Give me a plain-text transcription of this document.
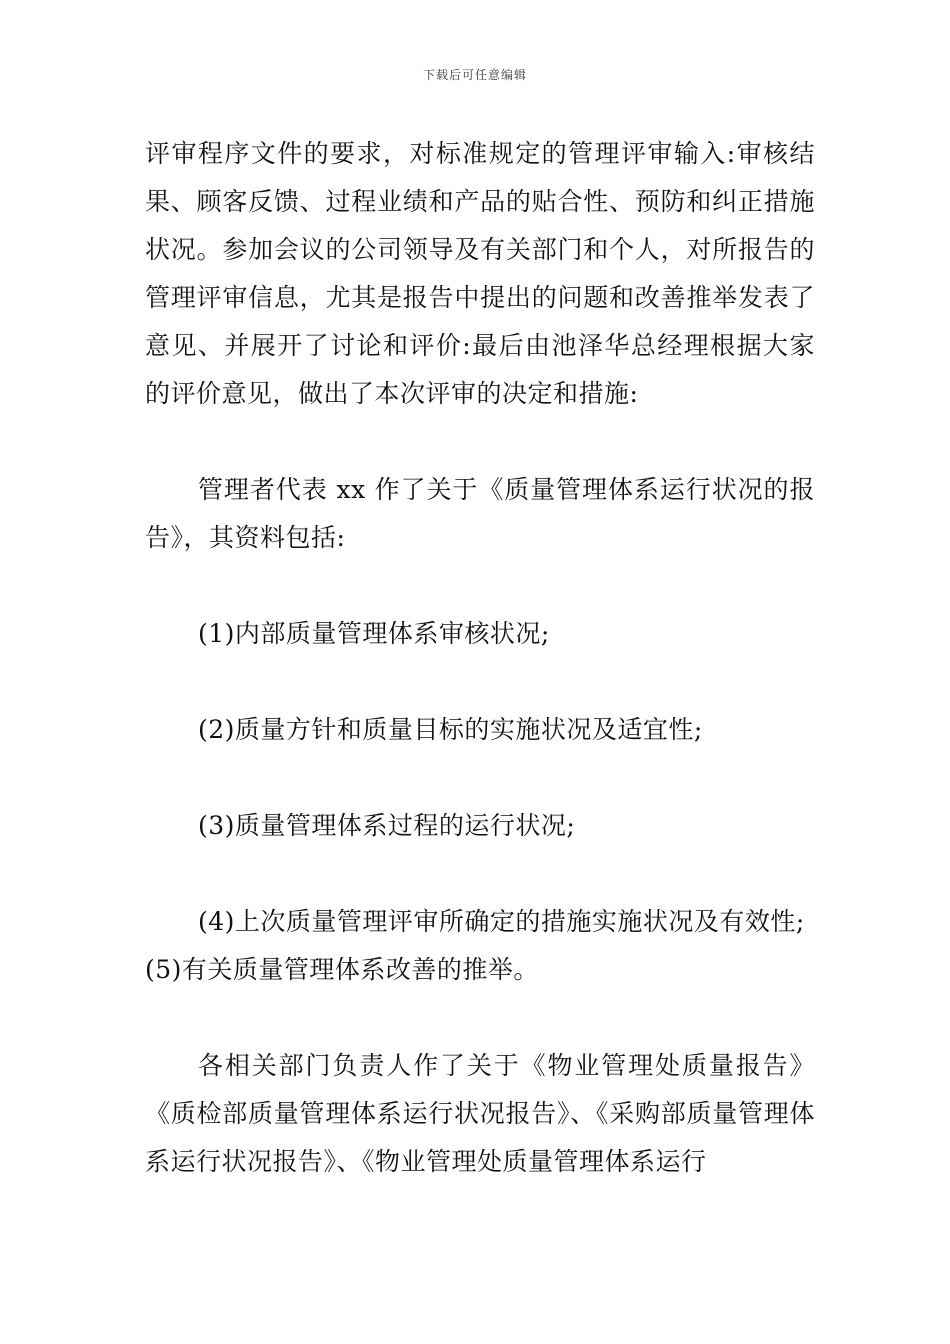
下载后可任意编辑

评审程序文件的要求，对标准规定的管理评审输入:审核结果、顾客反馈、过程业绩和产品的贴合性、预防和纠正措施状况。参加会议的公司领导及有关部门和个人，对所报告的管理评审信息，尤其是报告中提出的问题和改善推举发表了意见、并展开了讨论和评价:最后由池泽华总经理根据大家的评价意见，做出了本次评审的决定和措施:

管理者代表 xx 作了关于《质量管理体系运行状况的报告》，其资料包括:

(1)内部质量管理体系审核状况;

(2)质量方针和质量目标的实施状况及适宜性;

(3)质量管理体系过程的运行状况;

(4)上次质量管理评审所确定的措施实施状况及有效性;

(5)有关质量管理体系改善的推举。

各相关部门负责人作了关于《物业管理处质量报告》《质检部质量管理体系运行状况报告》、《采购部质量管理体系运行状况报告》、《物业管理处质量管理体系运行
